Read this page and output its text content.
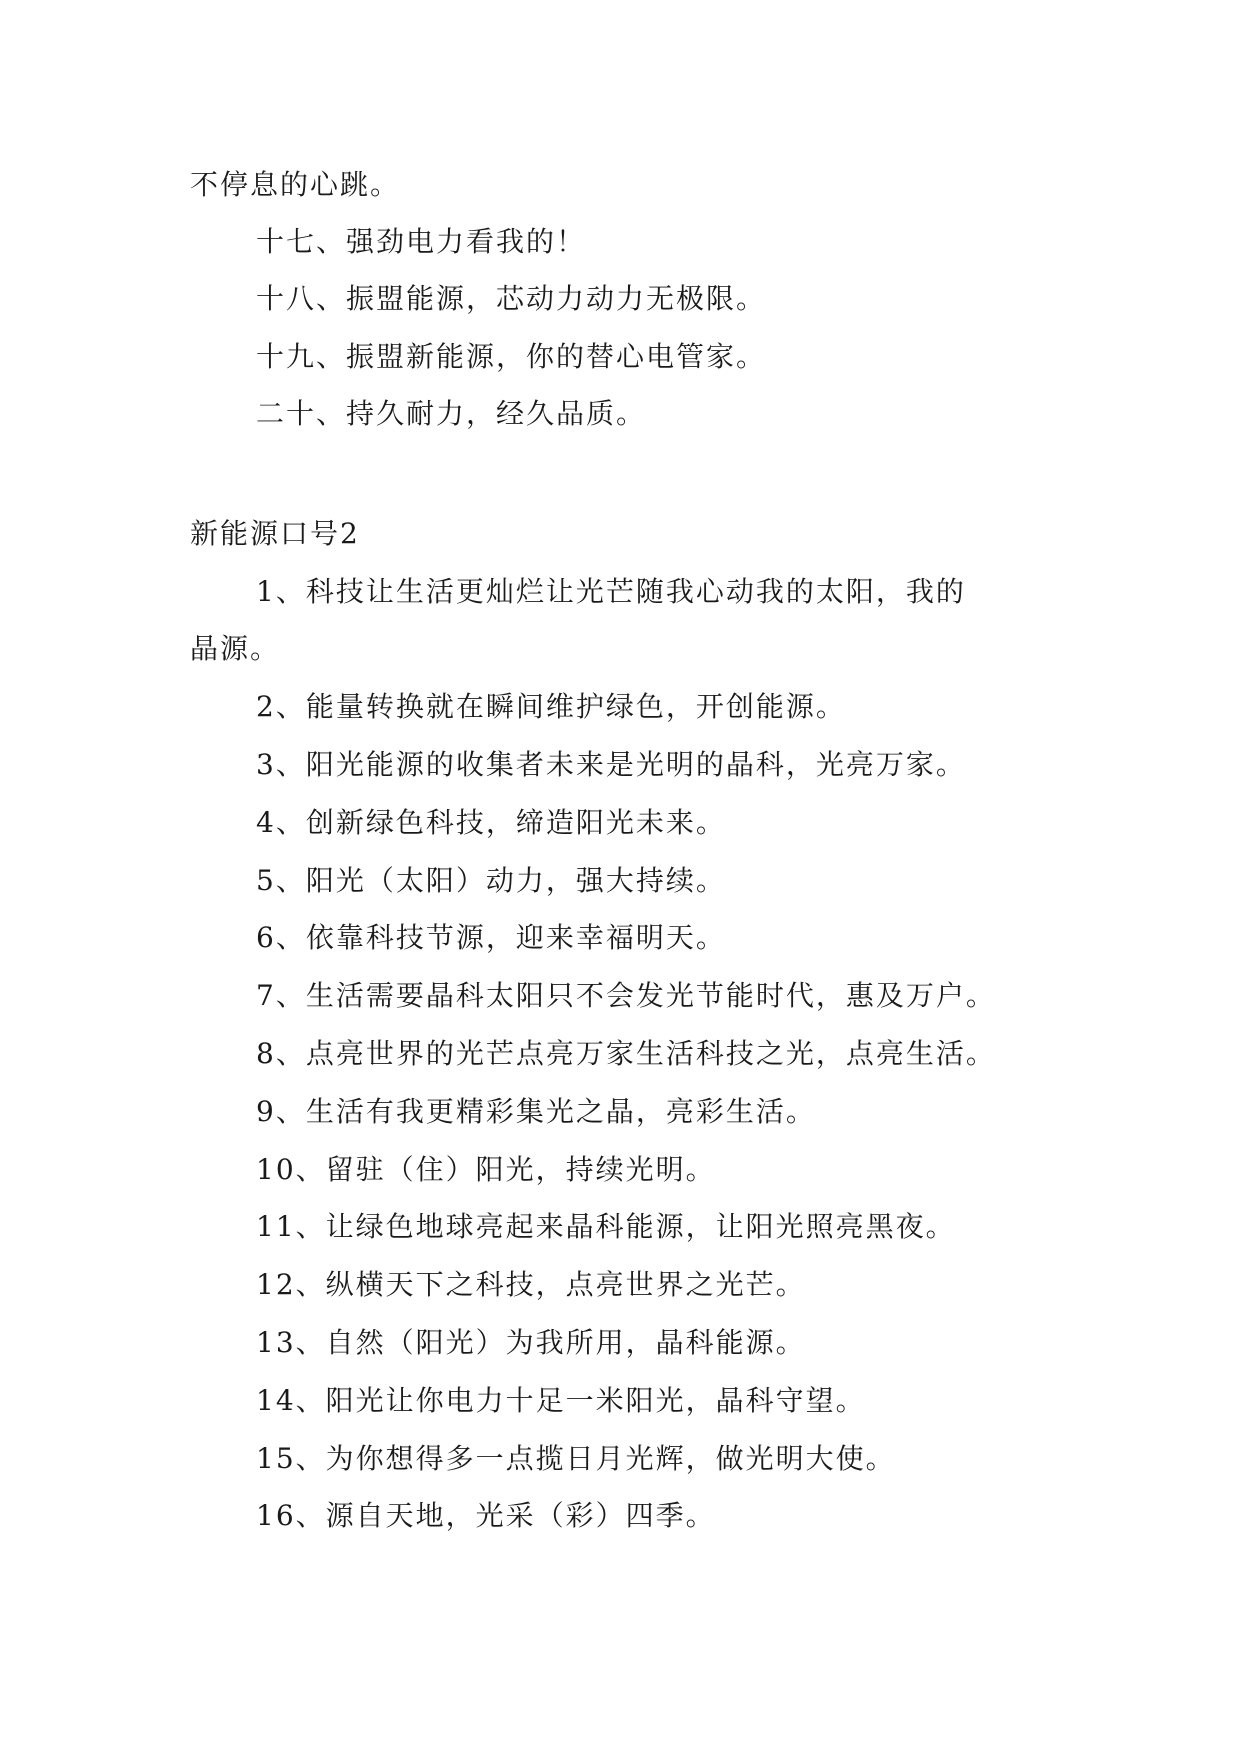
不停息的心跳。
十七、强劲电力看我的！
十八、振盟能源，芯动力动力无极限。
十九、振盟新能源，你的替心电管家。
二十、持久耐力，经久品质。
新能源口号2
1、科技让生活更灿烂让光芒随我心动我的太阳，我的
晶源。
2、能量转换就在瞬间维护绿色，开创能源。
3、阳光能源的收集者未来是光明的晶科，光亮万家。
4、创新绿色科技，缔造阳光未来。
5、阳光（太阳）动力，强大持续。
6、依靠科技节源，迎来幸福明天。
7、生活需要晶科太阳只不会发光节能时代，惠及万户。
8、点亮世界的光芒点亮万家生活科技之光，点亮生活。
9、生活有我更精彩集光之晶，亮彩生活。
10、留驻（住）阳光，持续光明。
11、让绿色地球亮起来晶科能源，让阳光照亮黑夜。
12、纵横天下之科技，点亮世界之光芒。
13、自然（阳光）为我所用，晶科能源。
14、阳光让你电力十足一米阳光，晶科守望。
15、为你想得多一点揽日月光辉，做光明大使。
16、源自天地，光采（彩）四季。
